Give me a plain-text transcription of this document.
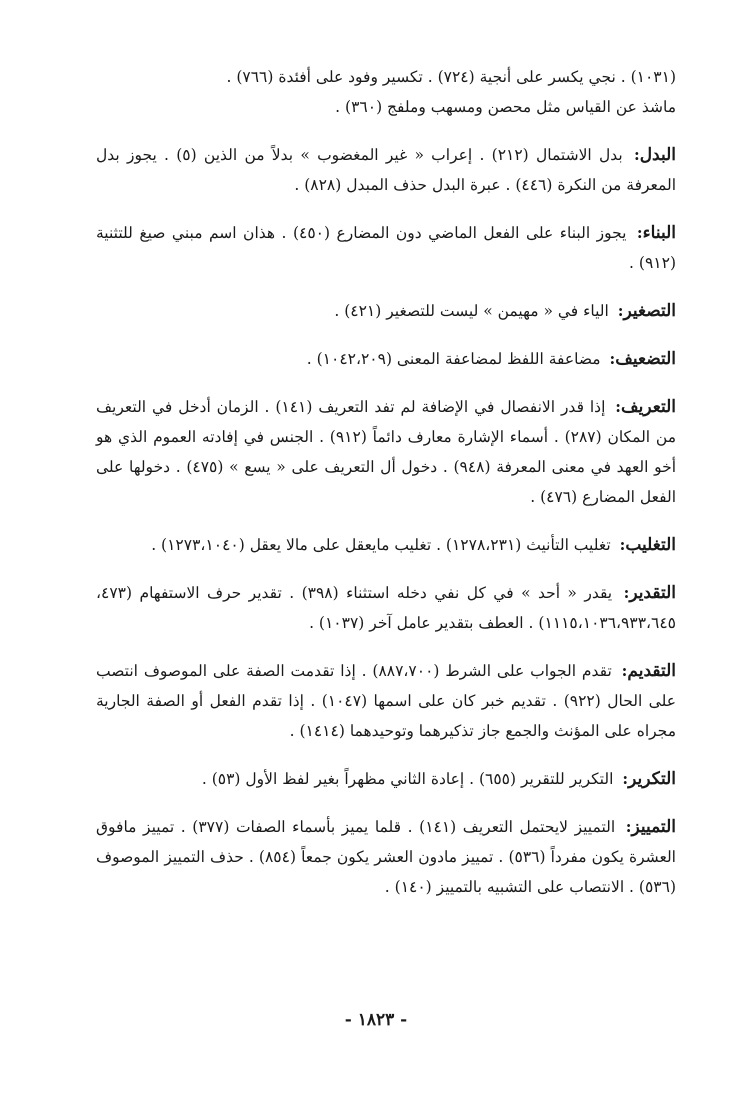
(١٠٣١) . نجي يكسر على أنجية (٧٢٤) . تكسير وفود على أفئدة (٧٦٦) .
ماشذ عن القياس مثل محصن ومسهب وملفج (٣٦٠) .

البدل: بدل الاشتمال (٢١٢) . إعراب « غير المغضوب » بدلاً من الذين (٥) . يجوز بدل المعرفة من النكرة (٤٤٦) . عبرة البدل حذف المبدل (٨٢٨) .

البناء: يجوز البناء على الفعل الماضي دون المضارع (٤٥٠) . هذان اسم مبني صيغ للتثنية (٩١٢) .

التصغير: الياء في « مهيمن » ليست للتصغير (٤٢١) .

التضعيف: مضاعفة اللفظ لمضاعفة المعنى (١٠٤٢،٢٠٩) .

التعريف: إذا قدر الانفصال في الإضافة لم تفد التعريف (١٤١) . الزمان أدخل في التعريف من المكان (٢٨٧) . أسماء الإشارة معارف دائماً (٩١٢) . الجنس في إفادته العموم الذي هو أخو العهد في معنى المعرفة (٩٤٨) . دخول أل التعريف على « يسع » (٤٧٥) . دخولها على الفعل المضارع (٤٧٦) .

التغليب: تغليب التأنيث (١٢٧٨،٢٣١) . تغليب مايعقل على مالا يعقل (١٢٧٣،١٠٤٠) .

التقدير: يقدر « أحد » في كل نفي دخله استثناء (٣٩٨) . تقدير حرف الاستفهام (٤٧٣، ١١١٥،١٠٣٦،٩٣٣،٦٤٥) . العطف بتقدير عامل آخر (١٠٣٧) .

التقديم: تقدم الجواب على الشرط (٨٨٧،٧٠٠) . إذا تقدمت الصفة على الموصوف انتصب على الحال (٩٢٢) . تقديم خبر كان على اسمها (١٠٤٧) . إذا تقدم الفعل أو الصفة الجارية مجراه على المؤنث والجمع جاز تذكيرهما وتوحيدهما (١٤١٤) .

التكرير: التكرير للتقرير (٦٥٥) . إعادة الثاني مظهراً بغير لفظ الأول (٥٣) .

التمييز: التمييز لايحتمل التعريف (١٤١) . قلما يميز بأسماء الصفات (٣٧٧) . تمييز مافوق العشرة يكون مفرداً (٥٣٦) . تمييز مادون العشر يكون جمعاً (٨٥٤) . حذف التمييز الموصوف (٥٣٦) . الانتصاب على التشبيه بالتمييز (١٤٠) .

- ١٨٢٣ -
